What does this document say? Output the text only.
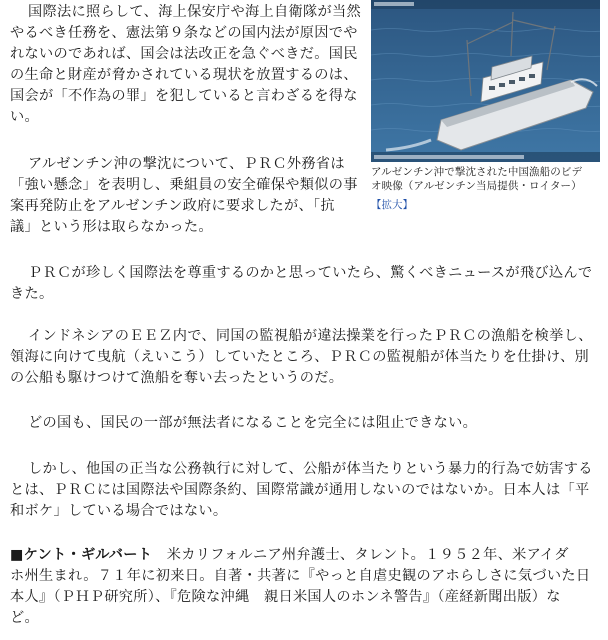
国際法に照らして、海上保安庁や海上自衛隊が当然
やるべき任務を、憲法第９条などの国内法が原因でや
れないのであれば、国会は法改正を急ぐべきだ。国民
の生命と財産が脅かされている現状を放置するのは、
国会が「不作為の罪」を犯していると言わざるを得な
い。

アルゼンチン沖の撃沈について、ＰＲＣ外務省は
「強い懸念」を表明し、乗組員の安全確保や類似の事
案再発防止をアルゼンチン政府に要求したが、「抗
議」という形は取らなかった。

アルゼンチン沖で撃沈された中国漁船のビデ
オ映像（アルゼンチン当局提供・ロイター）
【拡大】

ＰＲＣが珍しく国際法を尊重するのかと思っていたら、驚くべきニュースが飛び込んで
きた。

インドネシアのＥＥＺ内で、同国の監視船が違法操業を行ったＰＲＣの漁船を検挙し、
領海に向けて曳航（えいこう）していたところ、ＰＲＣの監視船が体当たりを仕掛け、別
の公船も駆けつけて漁船を奪い去ったというのだ。

どの国も、国民の一部が無法者になることを完全には阻止できない。

しかし、他国の正当な公務執行に対して、公船が体当たりという暴力的行為で妨害する
とは、ＰＲＣには国際法や国際条約、国際常識が通用しないのではないか。日本人は「平
和ボケ」している場合ではない。

■ケント・ギルバート　米カリフォルニア州弁護士、タレント。１９５２年、米アイダ
ホ州生まれ。７１年に初来日。自著・共著に『やっと自虐史観のアホらしさに気づいた日
本人』（ＰＨＰ研究所）、『危険な沖縄　親日米国人のホンネ警告』（産経新聞出版）な
ど。
